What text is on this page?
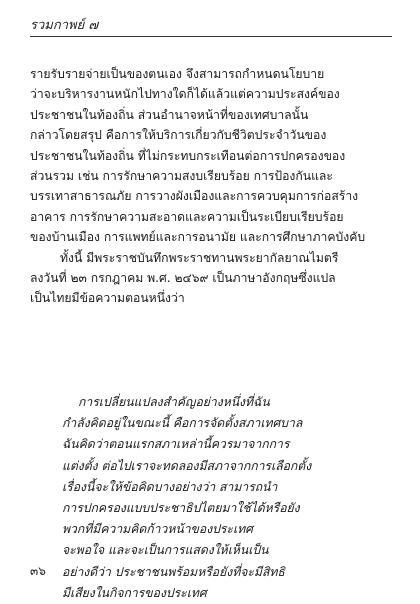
รวมกาพย์ ๗
รายรับรายจ่ายเป็นของตนเอง จึงสามารถกำหนดนโยบาย
ว่าจะบริหารงานหนักไปทางใดก็ได้แล้วแต่ความประสงค์ของ
ประชาชนในท้องถิ่น ส่วนอำนาจหน้าที่ของเทศบาลนั้น
กล่าวโดยสรุป คือการให้บริการเกี่ยวกับชีวิตประจำวันของ
ประชาชนในท้องถิ่น ที่ไม่กระทบกระเทือนต่อการปกครองของ
ส่วนรวม เช่น การรักษาความสงบเรียบร้อย การป้องกันและ
บรรเทาสาธารณภัย การวางผังเมืองและการควบคุมการก่อสร้าง
อาคาร การรักษาความสะอาดและความเป็นระเบียบเรียบร้อย
ของบ้านเมือง การแพทย์และการอนามัย และการศึกษาภาคบังคับ
ทั้งนี้ มีพระราชบันทึกพระราชทานพระยากัลยาณไมตรี
ลงวันที่ ๒๓ กรกฎาคม พ.ศ. ๒๔๖๙ เป็นภาษาอังกฤษซึ่งแปล
เป็นไทยมีข้อความตอนหนึ่งว่า
การเปลี่ยนแปลงสำคัญอย่างหนึ่งที่ฉัน
กำลังคิดอยู่ในขณะนี้ คือการจัดตั้งสภาเทศบาล
ฉันคิดว่าตอนแรกสภาเหล่านี้ควรมาจากการ
แต่งตั้ง ต่อไปเราจะทดลองมีสภาจากการเลือกตั้ง
เรื่องนี้จะให้ข้อคิดบางอย่างว่า สามารถนำ
การปกครองแบบประชาธิปไตยมาใช้ได้หรือยัง
พวกที่มีความคิดก้าวหน้าของประเทศ
จะพอใจ และจะเป็นการแสดงให้เห็นเป็น
อย่างดีว่า ประชาชนพร้อมหรือยังที่จะมีสิทธิ
มีเสียงในกิจการของประเทศ
๓๖
